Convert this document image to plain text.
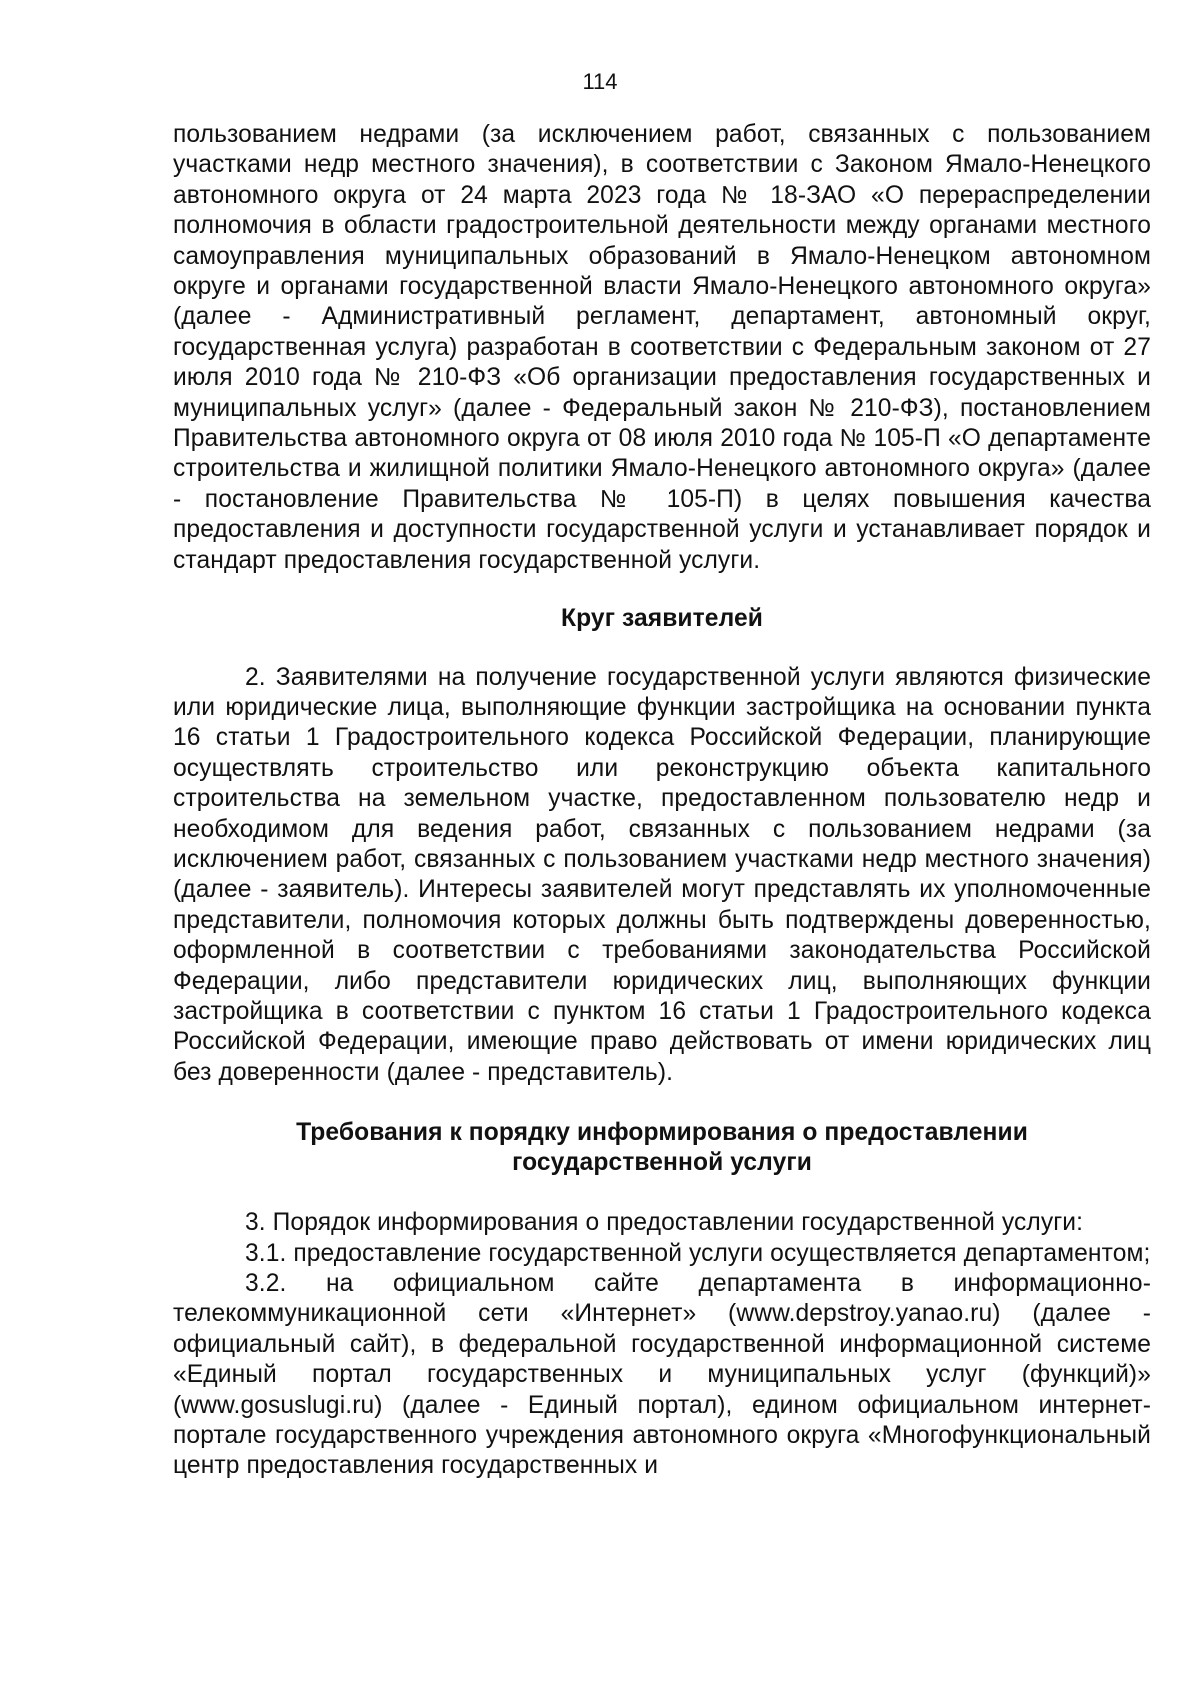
114

пользованием недрами (за исключением работ, связанных с пользованием участками недр местного значения), в соответствии с Законом Ямало-Ненецкого автономного округа от 24 марта 2023 года № 18-ЗАО «О перераспределении полномочия в области градостроительной деятельности между органами местного самоуправления муниципальных образований в Ямало-Ненецком автономном округе и органами государственной власти Ямало-Ненецкого автономного округа» (далее - Административный регламент, департамент, автономный округ, государственная услуга) разработан в соответствии с Федеральным законом от 27 июля 2010 года № 210-ФЗ «Об организации предоставления государственных и муниципальных услуг» (далее - Федеральный закон № 210-ФЗ), постановлением Правительства автономного округа от 08 июля 2010 года № 105-П «О департаменте строительства и жилищной политики Ямало-Ненецкого автономного округа» (далее - постановление Правительства № 105-П) в целях повышения качества предоставления и доступности государственной услуги и устанавливает порядок и стандарт предоставления государственной услуги.

Круг заявителей

2. Заявителями на получение государственной услуги являются физические или юридические лица, выполняющие функции застройщика на основании пункта 16 статьи 1 Градостроительного кодекса Российской Федерации, планирующие осуществлять строительство или реконструкцию объекта капитального строительства на земельном участке, предоставленном пользователю недр и необходимом для ведения работ, связанных с пользованием недрами (за исключением работ, связанных с пользованием участками недр местного значения) (далее - заявитель). Интересы заявителей могут представлять их уполномоченные представители, полномочия которых должны быть подтверждены доверенностью, оформленной в соответствии с требованиями законодательства Российской Федерации, либо представители юридических лиц, выполняющих функции застройщика в соответствии с пунктом 16 статьи 1 Градостроительного кодекса Российской Федерации, имеющие право действовать от имени юридических лиц без доверенности (далее - представитель).

Требования к порядку информирования о предоставлении
государственной услуги

3. Порядок информирования о предоставлении государственной услуги:

3.1. предоставление государственной услуги осуществляется департаментом;

3.2. на официальном сайте департамента в информационно-телекоммуникационной сети «Интернет» (www.depstroy.yanao.ru) (далее - официальный сайт), в федеральной государственной информационной системе «Единый портал государственных и муниципальных услуг (функций)» (www.gosuslugi.ru) (далее - Единый портал), едином официальном интернет-портале государственного учреждения автономного округа «Многофункциональный центр предоставления государственных и
